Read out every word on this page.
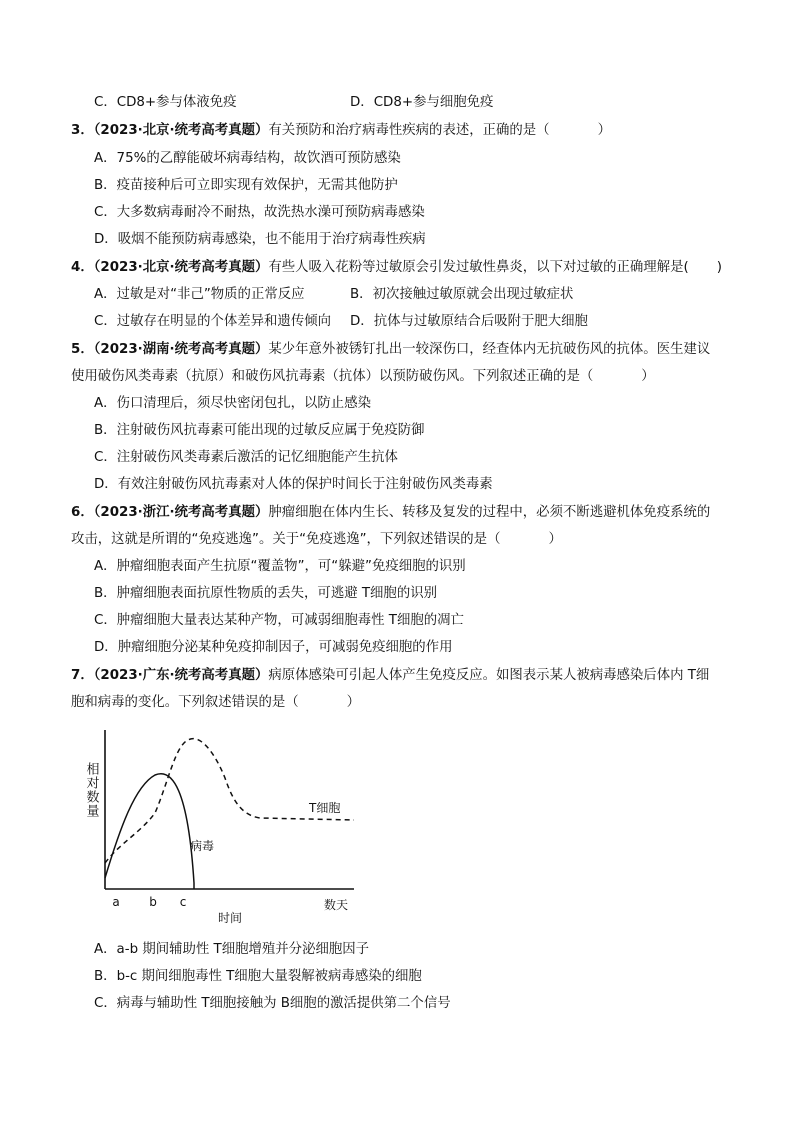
C．CD8+参与体液免疫	D．CD8+参与细胞免疫
3．（2023·北京·统考高考真题）有关预防和治疗病毒性疾病的表述，正确的是（	）
A．75%的乙醇能破坏病毒结构，故饮酒可预防感染
B．疫苗接种后可立即实现有效保护，无需其他防护
C．大多数病毒耐冷不耐热，故洗热水澡可预防病毒感染
D．吸烟不能预防病毒感染，也不能用于治疗病毒性疾病
4．（2023·北京·统考高考真题）有些人吸入花粉等过敏原会引发过敏性鼻炎，以下对过敏的正确理解是( )
A．过敏是对“非己”物质的正常反应	B．初次接触过敏原就会出现过敏症状
C．过敏存在明显的个体差异和遗传倾向 D．抗体与过敏原结合后吸附于肥大细胞
5．（2023·湖南·统考高考真题）某少年意外被锈钉扎出一较深伤口，经查体内无抗破伤风的抗体。医生建议
使用破伤风类毒素（抗原）和破伤风抗毒素（抗体）以预防破伤风。下列叙述正确的是（	）
A．伤口清理后，须尽快密闭包扎，以防止感染
B．注射破伤风抗毒素可能出现的过敏反应属于免疫防御
C．注射破伤风类毒素后激活的记忆细胞能产生抗体
D．有效注射破伤风抗毒素对人体的保护时间长于注射破伤风类毒素
6．（2023·浙江·统考高考真题）肿瘤细胞在体内生长、转移及复发的过程中，必须不断逃避机体免疫系统的
攻击，这就是所谓的“免疫逃逸”。关于“免疫逃逸”，下列叙述错误的是（	）
A．肿瘤细胞表面产生抗原“覆盖物”，可“躲避”免疫细胞的识别
B．肿瘤细胞表面抗原性物质的丢失，可逃避 T细胞的识别
C．肿瘤细胞大量表达某种产物，可减弱细胞毒性 T细胞的凋亡
D．肿瘤细胞分泌某种免疫抑制因子，可减弱免疫细胞的作用
7．（2023·广东·统考高考真题）病原体感染可引起人体产生免疫反应。如图表示某人被病毒感染后体内 T细
胞和病毒的变化。下列叙述错误的是（	）
相对数量	T细胞
病毒
a b c
时间
数天
A．a-b 期间辅助性 T细胞增殖并分泌细胞因子
B．b-c 期间细胞毒性 T细胞大量裂解被病毒感染的细胞
C．病毒与辅助性 T细胞接触为 B细胞的激活提供第二个信号
